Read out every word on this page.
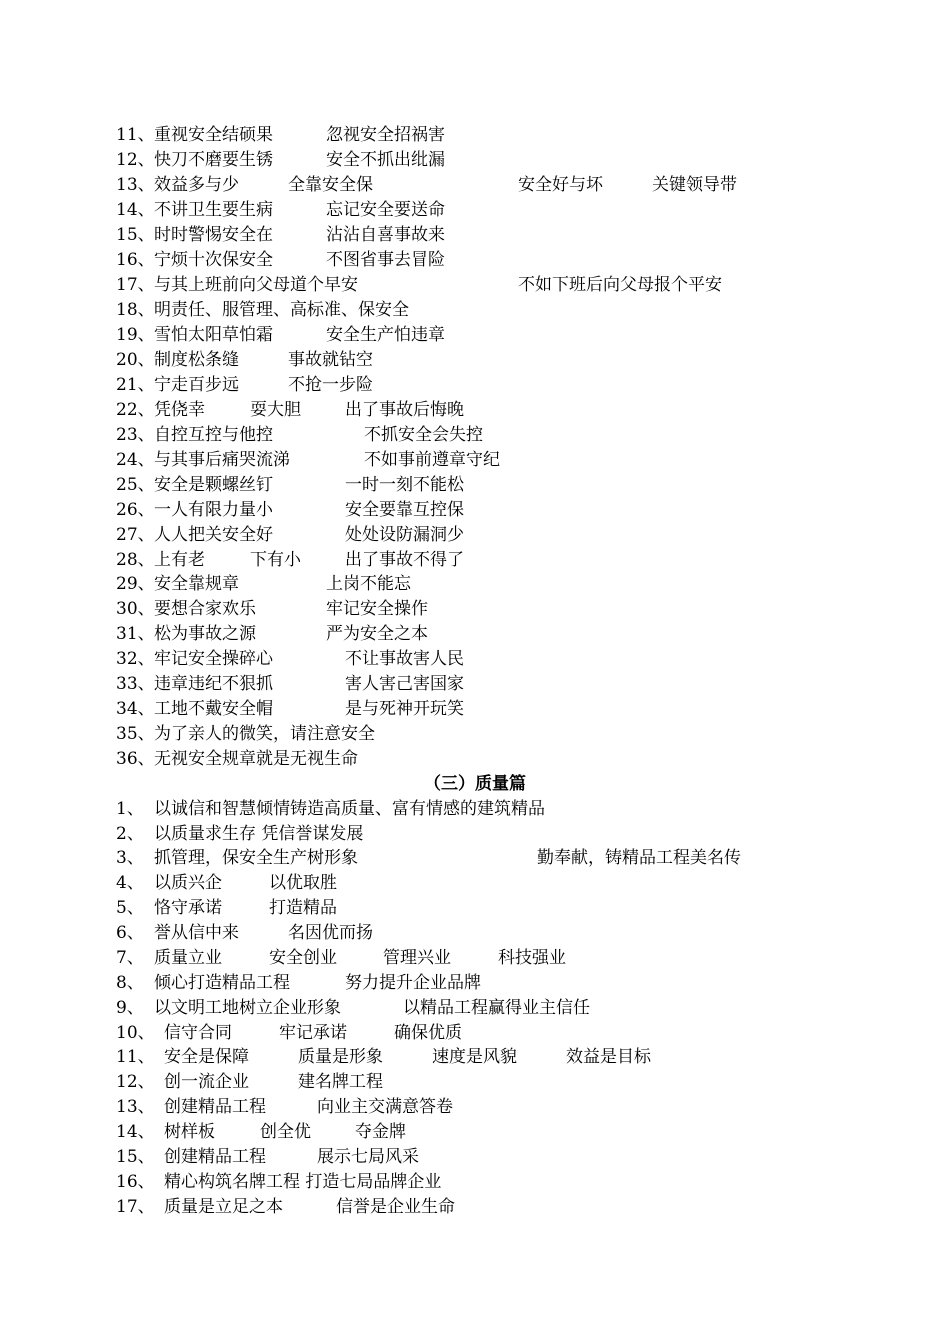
11、 重视安全结硕果	忽视安全招祸害
12、 快刀不磨要生锈	安全不抓出纰漏
13、 效益多与少	全靠安全保	安全好与坏	关键领导带
14、 不讲卫生要生病	忘记安全要送命
15、 时时警惕安全在	沾沾自喜事故来
16、 宁烦十次保安全	不图省事去冒险
17、 与其上班前向父母道个早安	不如下班后向父母报个平安
18、 明责任、服管理、高标准、保安全
19、 雪怕太阳草怕霜	安全生产怕违章
20、 制度松条缝	事故就钻空
21、 宁走百步远	不抢一步险
22、 凭侥幸	耍大胆	出了事故后悔晚
23、 自控互控与他控	不抓安全会失控
24、 与其事后痛哭流涕	不如事前遵章守纪
25、 安全是颗螺丝钉	一时一刻不能松
26、 一人有限力量小	安全要靠互控保
27、 人人把关安全好	处处设防漏洞少
28、 上有老	下有小	出了事故不得了
29、 安全靠规章	上岗不能忘
30、 要想合家欢乐	牢记安全操作
31、 松为事故之源	严为安全之本
32、 牢记安全操碎心	不让事故害人民
33、 违章违纪不狠抓	害人害己害国家
34、 工地不戴安全帽	是与死神开玩笑
35、 为了亲人的微笑，请注意安全
36、 无视安全规章就是无视生命
（三）质量篇
1、 以诚信和智慧倾情铸造高质量、富有情感的建筑精品
2、 以质量求生存 凭信誉谋发展
3、 抓管理，保安全生产树形象	勤奉献，铸精品工程美名传
4、 以质兴企	以优取胜
5、 恪守承诺	打造精品
6、 誉从信中来	名因优而扬
7、 质量立业	安全创业	管理兴业	科技强业
8、 倾心打造精品工程	努力提升企业品牌
9、 以文明工地树立企业形象	以精品工程赢得业主信任
10、 信守合同	牢记承诺	确保优质
11、 安全是保障	质量是形象	速度是风貌	效益是目标
12、 创一流企业	建名牌工程
13、 创建精品工程	向业主交满意答卷
14、 树样板	创全优	夺金牌
15、 创建精品工程	展示七局风采
16、 精心构筑名牌工程 打造七局品牌企业
17、 质量是立足之本	信誉是企业生命
